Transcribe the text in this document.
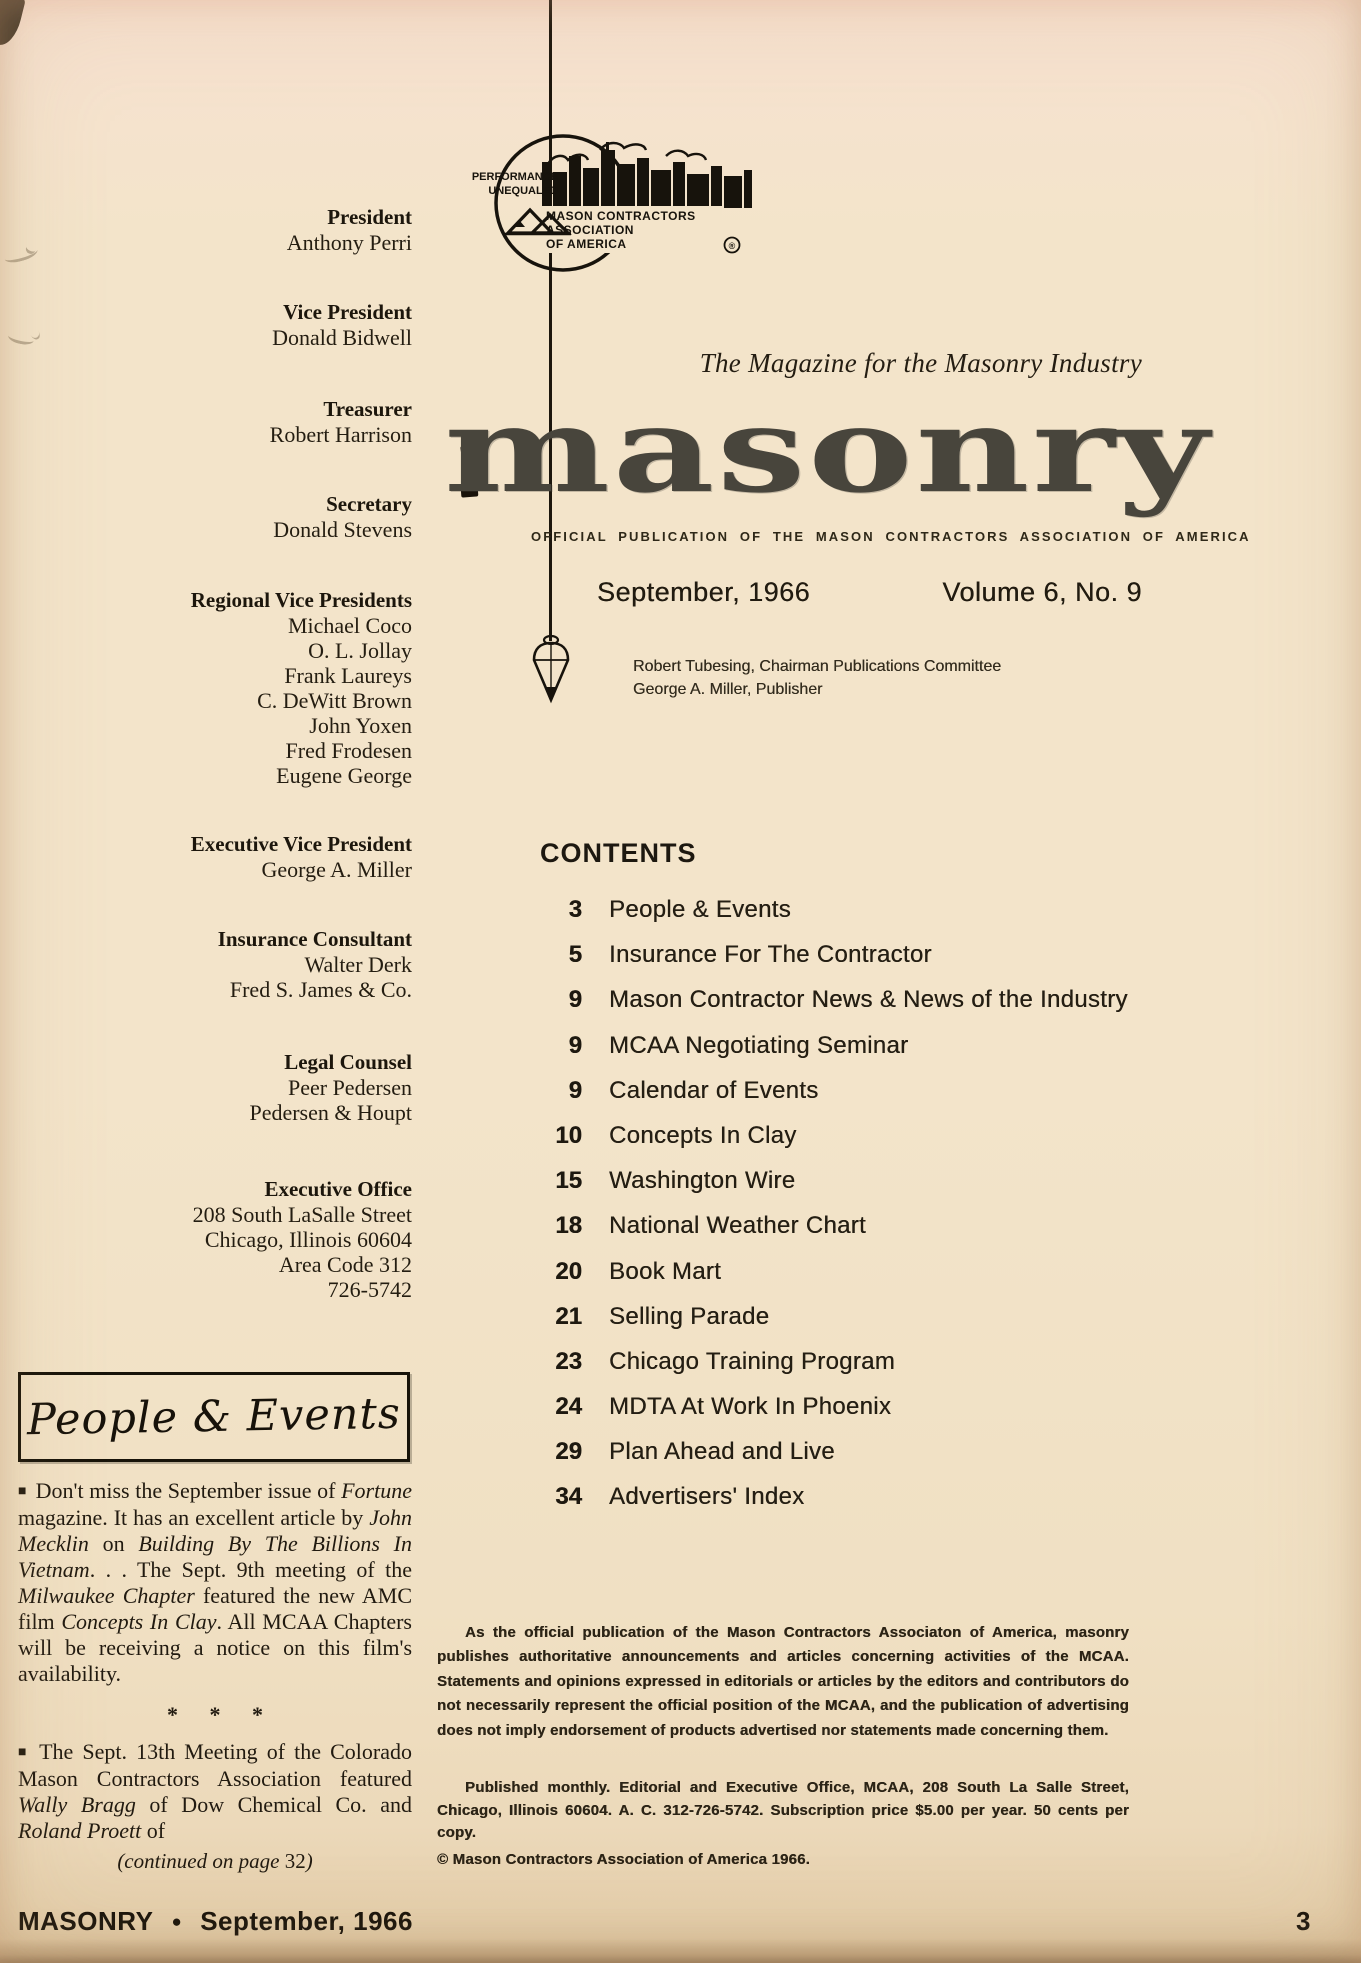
MASON CONTRACTORS
ASSOCIATION
OF AMERICA
PERFORMANCE
UNEQUALED
®
President
Anthony Perri
Vice President
Donald Bidwell
Treasurer
Robert Harrison
Secretary
Donald Stevens
Regional Vice Presidents
Michael Coco
O. L. Jollay
Frank Laureys
C. DeWitt Brown
John Yoxen
Fred Frodesen
Eugene George
Executive Vice President
George A. Miller
Insurance Consultant
Walter Derk
Fred S. James & Co.
Legal Counsel
Peer Pedersen
Pedersen & Houpt
Executive Office
208 South LaSalle Street
Chicago, Illinois 60604
Area Code 312
726-5742
The Magazine for the Masonry Industry
masonry
OFFICIAL PUBLICATION OF THE MASON CONTRACTORS ASSOCIATION OF AMERICA
September, 1966	Volume 6, No. 9
Robert Tubesing, Chairman Publications Committee
George A. Miller, Publisher
CONTENTS
3 People & Events
5 Insurance For The Contractor
9 Mason Contractor News & News of the Industry
9 MCAA Negotiating Seminar
9 Calendar of Events
10 Concepts In Clay
15 Washington Wire
18 National Weather Chart
20 Book Mart
21 Selling Parade
23 Chicago Training Program
24 MDTA At Work In Phoenix
29 Plan Ahead and Live
34 Advertisers' Index
People & Events

■ Don't miss the September issue of Fortune magazine. It has an excellent article by John Mecklin on Building By The Billions In Vietnam. . . The Sept. 9th meeting of the Milwaukee Chapter featured the new AMC film Concepts In Clay. All MCAA Chapters will be receiving a notice on this film's availability.

* * *

■ The Sept. 13th Meeting of the Colorado Mason Contractors Association featured Wally Bragg of Dow Chemical Co. and Roland Proett of

(continued on page 32)
As the official publication of the Mason Contractors Associaton of America, masonry publishes authoritative announcements and articles concerning activities of the MCAA. Statements and opinions expressed in editorials or articles by the editors and contributors do not necessarily represent the official position of the MCAA, and the publication of advertising does not imply endorsement of products advertised nor statements made concerning them.
Published monthly. Editorial and Executive Office, MCAA, 208 South La Salle Street, Chicago, Illinois 60604. A. C. 312-726-5742. Subscription price $5.00 per year. 50 cents per copy.
© Mason Contractors Association of America 1966.
MASONRY ● September, 1966	3
